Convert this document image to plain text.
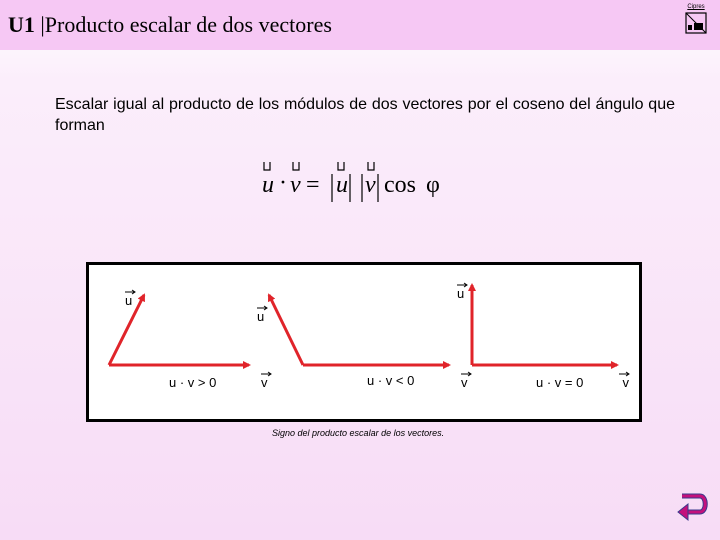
U1 |Producto escalar de dos vectores
Cipres
Escalar igual al producto de los módulos de dos vectores por el coseno del ángulo que forman
u · v = u v cos φ
u
v
u
v
u
v
u · v > 0	u · v < 0	u · v = 0
Signo del producto escalar de los vectores.
